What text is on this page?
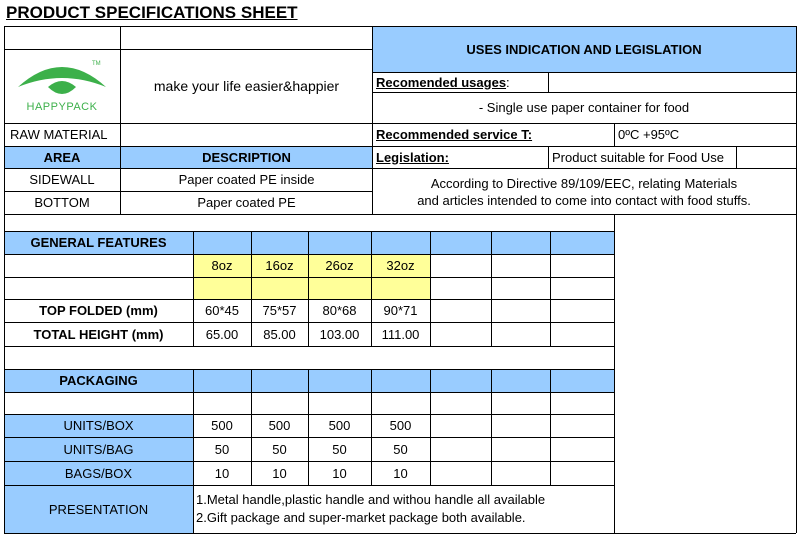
PRODUCT SPECIFICATIONS SHEET
USES INDICATION AND LEGISLATION
TM
HAPPYPACK
make your life easier&happier
RAW MATERIAL
AREA	DESCRIPTION
SIDEWALL	Paper coated PE inside
BOTTOM	Paper coated PE
Recomended usages :
- Single use paper container for food
Recommended service T:	0ºC +95ºC
Legislation:	Product suitable for Food Use
According to Directive 89/109/EEC, relating Materials
and articles intended to come into contact with food stuffs.
GENERAL FEATURES
8oz	16oz	26oz	32oz
TOP FOLDED (mm)	60*45	75*57	80*68	90*71
TOTAL HEIGHT (mm)	65.00	85.00	103.00	111.00
PACKAGING
UNITS/BOX	500	500	500	500
UNITS/BAG	50	50	50	50
BAGS/BOX	10	10	10	10
PRESENTATION
1.Metal handle,plastic handle and withou handle all available
2.Gift package and super-market package both available.
